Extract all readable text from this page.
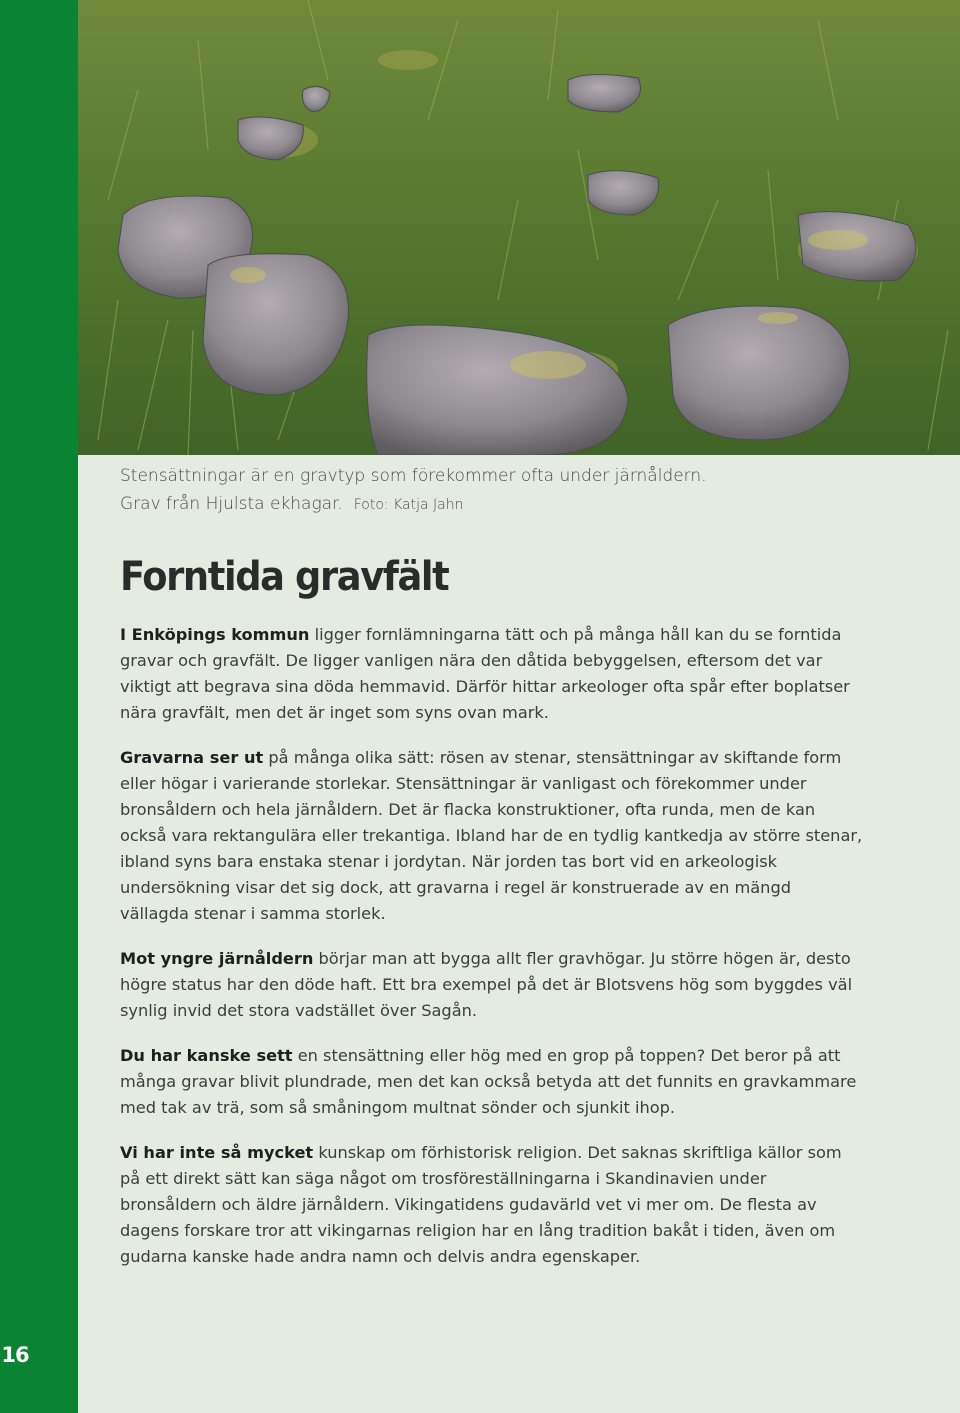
16
Stensättningar är en gravtyp som förekommer ofta under järnåldern.
Grav från Hjulsta ekhagar. Foto: Katja Jahn
Forntida gravfält

I Enköpings kommun ligger fornlämningarna tätt och på många håll kan du se forntida gravar och gravfält. De ligger vanligen nära den dåtida bebyggelsen, eftersom det var viktigt att begrava sina döda hemmavid. Därför hittar arkeologer ofta spår efter boplatser nära gravfält, men det är inget som syns ovan mark.

Gravarna ser ut på många olika sätt: rösen av stenar, stensättningar av skiftande form eller högar i varierande storlekar. Stensättningar är vanligast och förekommer under bronsåldern och hela järnåldern. Det är flacka konstruktioner, ofta runda, men de kan också vara rektangulära eller trekantiga. Ibland har de en tydlig kantkedja av större stenar, ibland syns bara enstaka stenar i jordytan. När jorden tas bort vid en arkeologisk undersökning visar det sig dock, att gravarna i regel är konstruerade av en mängd vällagda stenar i samma storlek.

Mot yngre järnåldern börjar man att bygga allt fler gravhögar. Ju större högen är, desto högre status har den döde haft. Ett bra exempel på det är Blotsvens hög som byggdes väl synlig invid det stora vadstället över Sagån.

Du har kanske sett en stensättning eller hög med en grop på toppen? Det beror på att många gravar blivit plundrade, men det kan också betyda att det funnits en gravkammare med tak av trä, som så småningom multnat sönder och sjunkit ihop.

Vi har inte så mycket kunskap om förhistorisk religion. Det saknas skriftliga källor som på ett direkt sätt kan säga något om trosföreställningarna i Skandinavien under bronsåldern och äldre järnåldern. Vikingatidens gudavärld vet vi mer om. De flesta av dagens forskare tror att vikingarnas religion har en lång tradition bakåt i tiden, även om gudarna kanske hade andra namn och delvis andra egenskaper.
